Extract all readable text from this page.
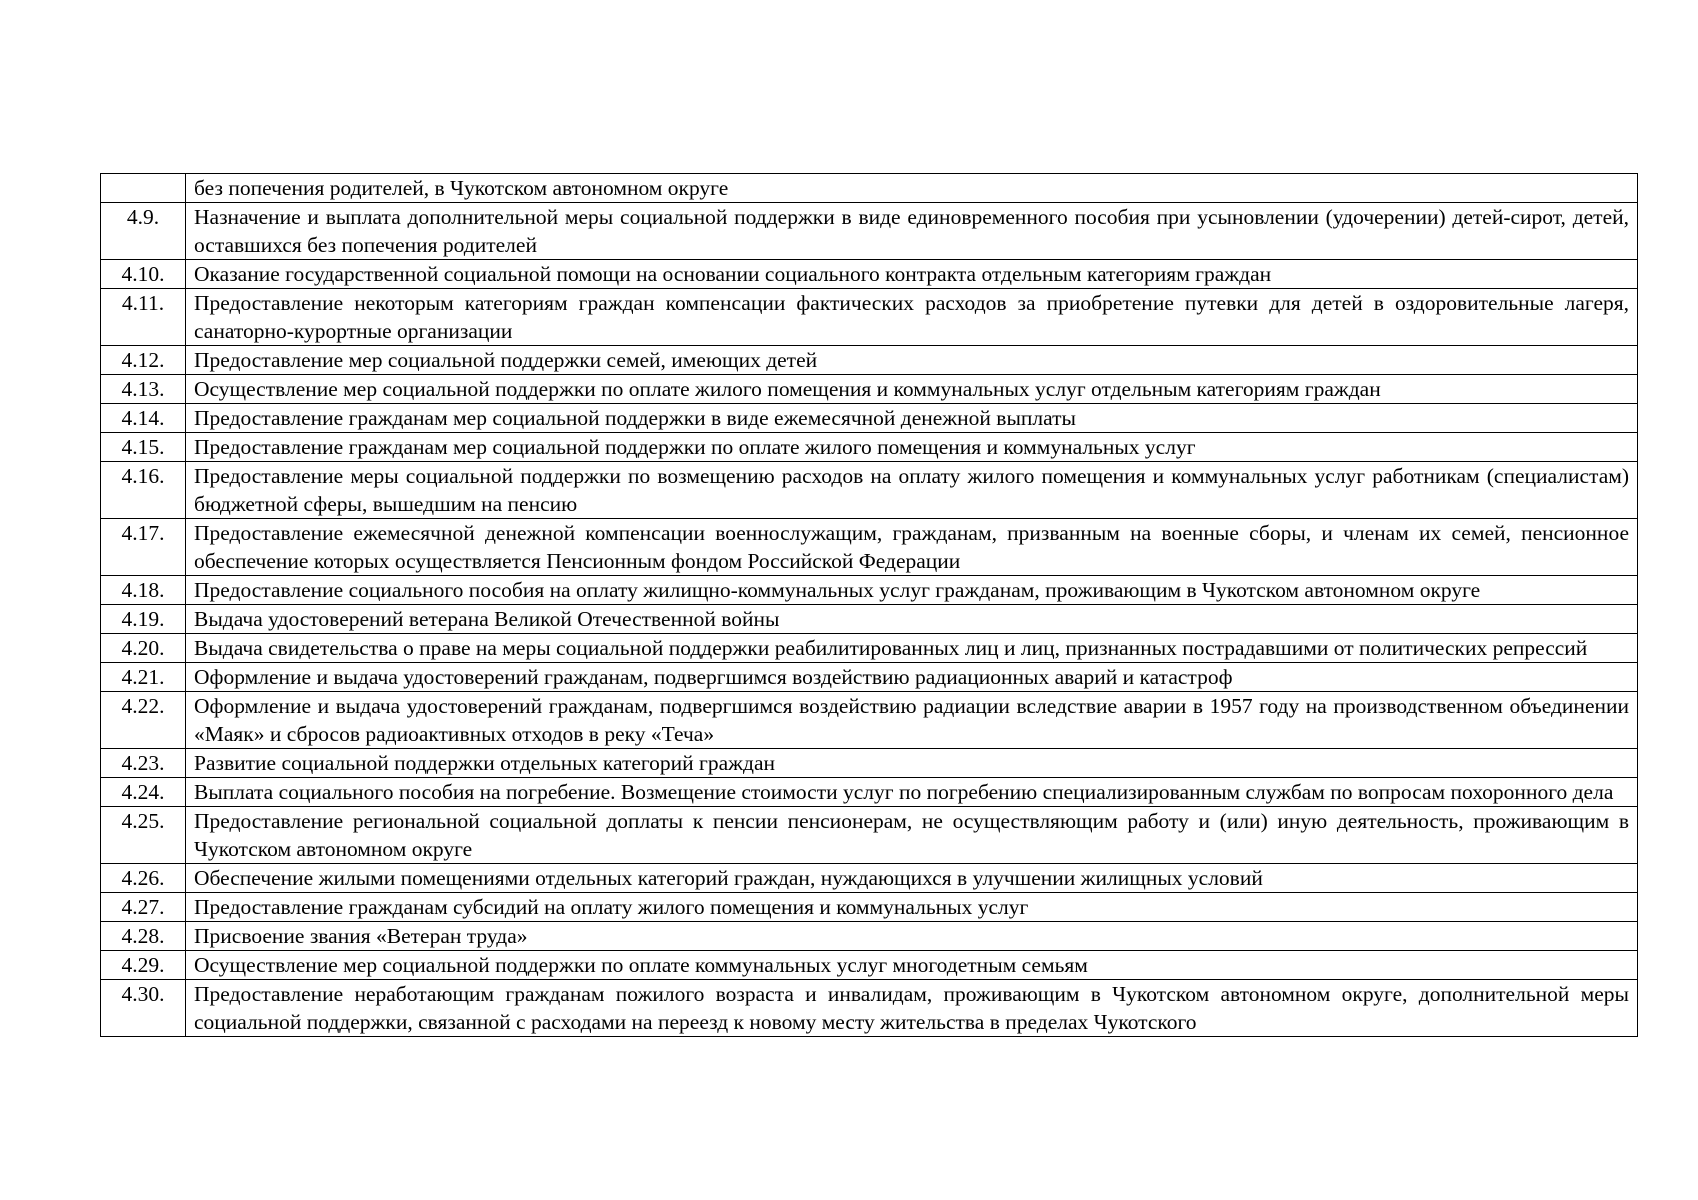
	без попечения родителей, в Чукотском автономном округе
4.9.	Назначение и выплата дополнительной меры социальной поддержки в виде единовременного пособия при усыновлении (удочерении) детей-сирот, детей, оставшихся без попечения родителей
4.10.	Оказание государственной социальной помощи на основании социального контракта отдельным категориям граждан
4.11.	Предоставление некоторым категориям граждан компенсации фактических расходов за приобретение путевки для детей в оздоровительные лагеря, санаторно-курортные организации
4.12.	Предоставление мер социальной поддержки семей, имеющих детей
4.13.	Осуществление мер социальной поддержки по оплате жилого помещения и коммунальных услуг отдельным категориям граждан
4.14.	Предоставление гражданам мер социальной поддержки в виде ежемесячной денежной выплаты
4.15.	Предоставление гражданам мер социальной поддержки по оплате жилого помещения и коммунальных услуг
4.16.	Предоставление меры социальной поддержки по возмещению расходов на оплату жилого помещения и коммунальных услуг работникам (специалистам) бюджетной сферы, вышедшим на пенсию
4.17.	Предоставление ежемесячной денежной компенсации военнослужащим, гражданам, призванным на военные сборы, и членам их семей, пенсионное обеспечение которых осуществляется Пенсионным фондом Российской Федерации
4.18.	Предоставление социального пособия на оплату жилищно-коммунальных услуг гражданам, проживающим в Чукотском автономном округе
4.19.	Выдача удостоверений ветерана Великой Отечественной войны
4.20.	Выдача свидетельства о праве на меры социальной поддержки реабилитированных лиц и лиц, признанных пострадавшими от политических репрессий
4.21.	Оформление и выдача удостоверений гражданам, подвергшимся воздействию радиационных аварий и катастроф
4.22.	Оформление и выдача удостоверений гражданам, подвергшимся воздействию радиации вследствие аварии в 1957 году на производственном объединении «Маяк» и сбросов радиоактивных отходов в реку «Теча»
4.23.	Развитие социальной поддержки отдельных категорий граждан
4.24.	Выплата социального пособия на погребение. Возмещение стоимости услуг по погребению специализированным службам по вопросам похоронного дела
4.25.	Предоставление региональной социальной доплаты к пенсии пенсионерам, не осуществляющим работу и (или) иную деятельность, проживающим в Чукотском автономном округе
4.26.	Обеспечение жилыми помещениями отдельных категорий граждан, нуждающихся в улучшении жилищных условий
4.27.	Предоставление гражданам субсидий на оплату жилого помещения и коммунальных услуг
4.28.	Присвоение звания «Ветеран труда»
4.29.	Осуществление мер социальной поддержки по оплате коммунальных услуг многодетным семьям
4.30.	Предоставление неработающим гражданам пожилого возраста и инвалидам, проживающим в Чукотском автономном округе, дополнительной меры социальной поддержки, связанной с расходами на переезд к новому месту жительства в пределах Чукотского
